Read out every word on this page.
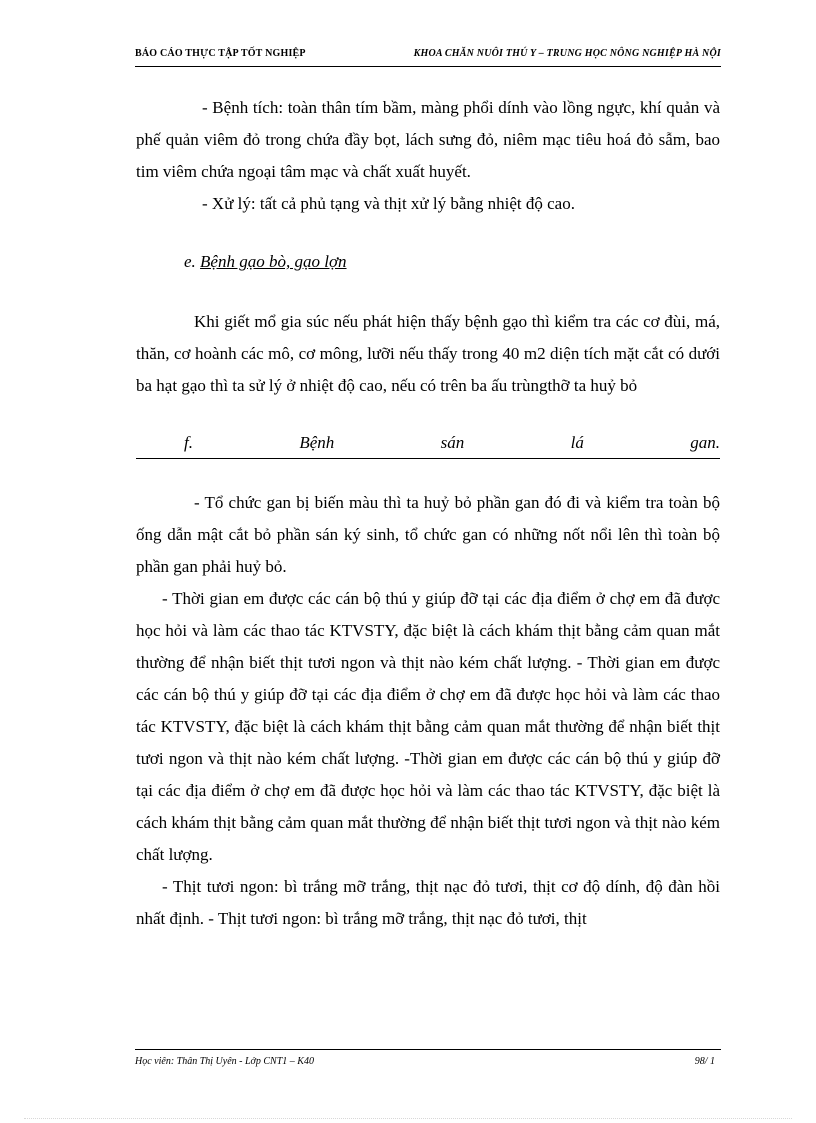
BÁO CÁO THỰC TẬP TỐT NGHIỆP	KHOA CHĂN NUÔI THÚ Y – TRUNG HỌC NÔNG NGHIỆP HÀ NỘI

- Bệnh tích: toàn thân tím bầm, màng phổi dính vào lồng ngực, khí quản và phế quản viêm đỏ trong chứa đầy bọt, lách sưng đỏ, niêm mạc tiêu hoá đỏ sẫm, bao tim viêm chứa ngoại tâm mạc và chất xuất huyết.

- Xử lý: tất cả phủ tạng và thịt xử lý bằng nhiệt độ cao.

e. Bệnh gạo bò, gạo lợn

Khi giết mổ gia súc nếu phát hiện thấy bệnh gạo thì kiểm tra các cơ đùi, má, thăn, cơ hoành các mô, cơ mông, lưỡi nếu thấy trong 40 m2 diện tích mặt cắt có dưới ba hạt gạo thì ta sử lý ở nhiệt độ cao, nếu có trên ba ấu trùngthỡ ta huỷ bỏ

f.	Bệnh	sán	lá	gan.

- Tổ chức gan bị biến màu thì ta huỷ bỏ phần gan đó đi và kiểm tra toàn bộ ống dẫn mật cắt bỏ phần sán ký sinh, tổ chức gan có những nốt nổi lên thì toàn bộ phần gan phải huỷ bỏ.

- Thời gian em được các cán bộ thú y giúp đỡ tại các địa điểm ở chợ em đã được học hỏi và làm các thao tác KTVSTY, đặc biệt là cách khám thịt bằng cảm quan mắt thường để nhận biết thịt tươi ngon và thịt nào kém chất lượng. - Thời gian em được các cán bộ thú y giúp đỡ tại các địa điểm ở chợ em đã được học hỏi và làm các thao tác KTVSTY, đặc biệt là cách khám thịt bằng cảm quan mắt thường để nhận biết thịt tươi ngon và thịt nào kém chất lượng. -Thời gian em được các cán bộ thú y giúp đỡ tại các địa điểm ở chợ em đã được học hỏi và làm các thao tác KTVSTY, đặc biệt là cách khám thịt bằng cảm quan mắt thường để nhận biết thịt tươi ngon và thịt nào kém chất lượng.

- Thịt tươi ngon: bì trắng mỡ trắng, thịt nạc đỏ tươi, thịt cơ độ dính, độ đàn hồi nhất định. - Thịt tươi ngon: bì trắng mỡ trắng, thịt nạc đỏ tươi, thịt

Học viên: Thân Thị Uyên - Lớp CNT1 – K40	98/ 1
